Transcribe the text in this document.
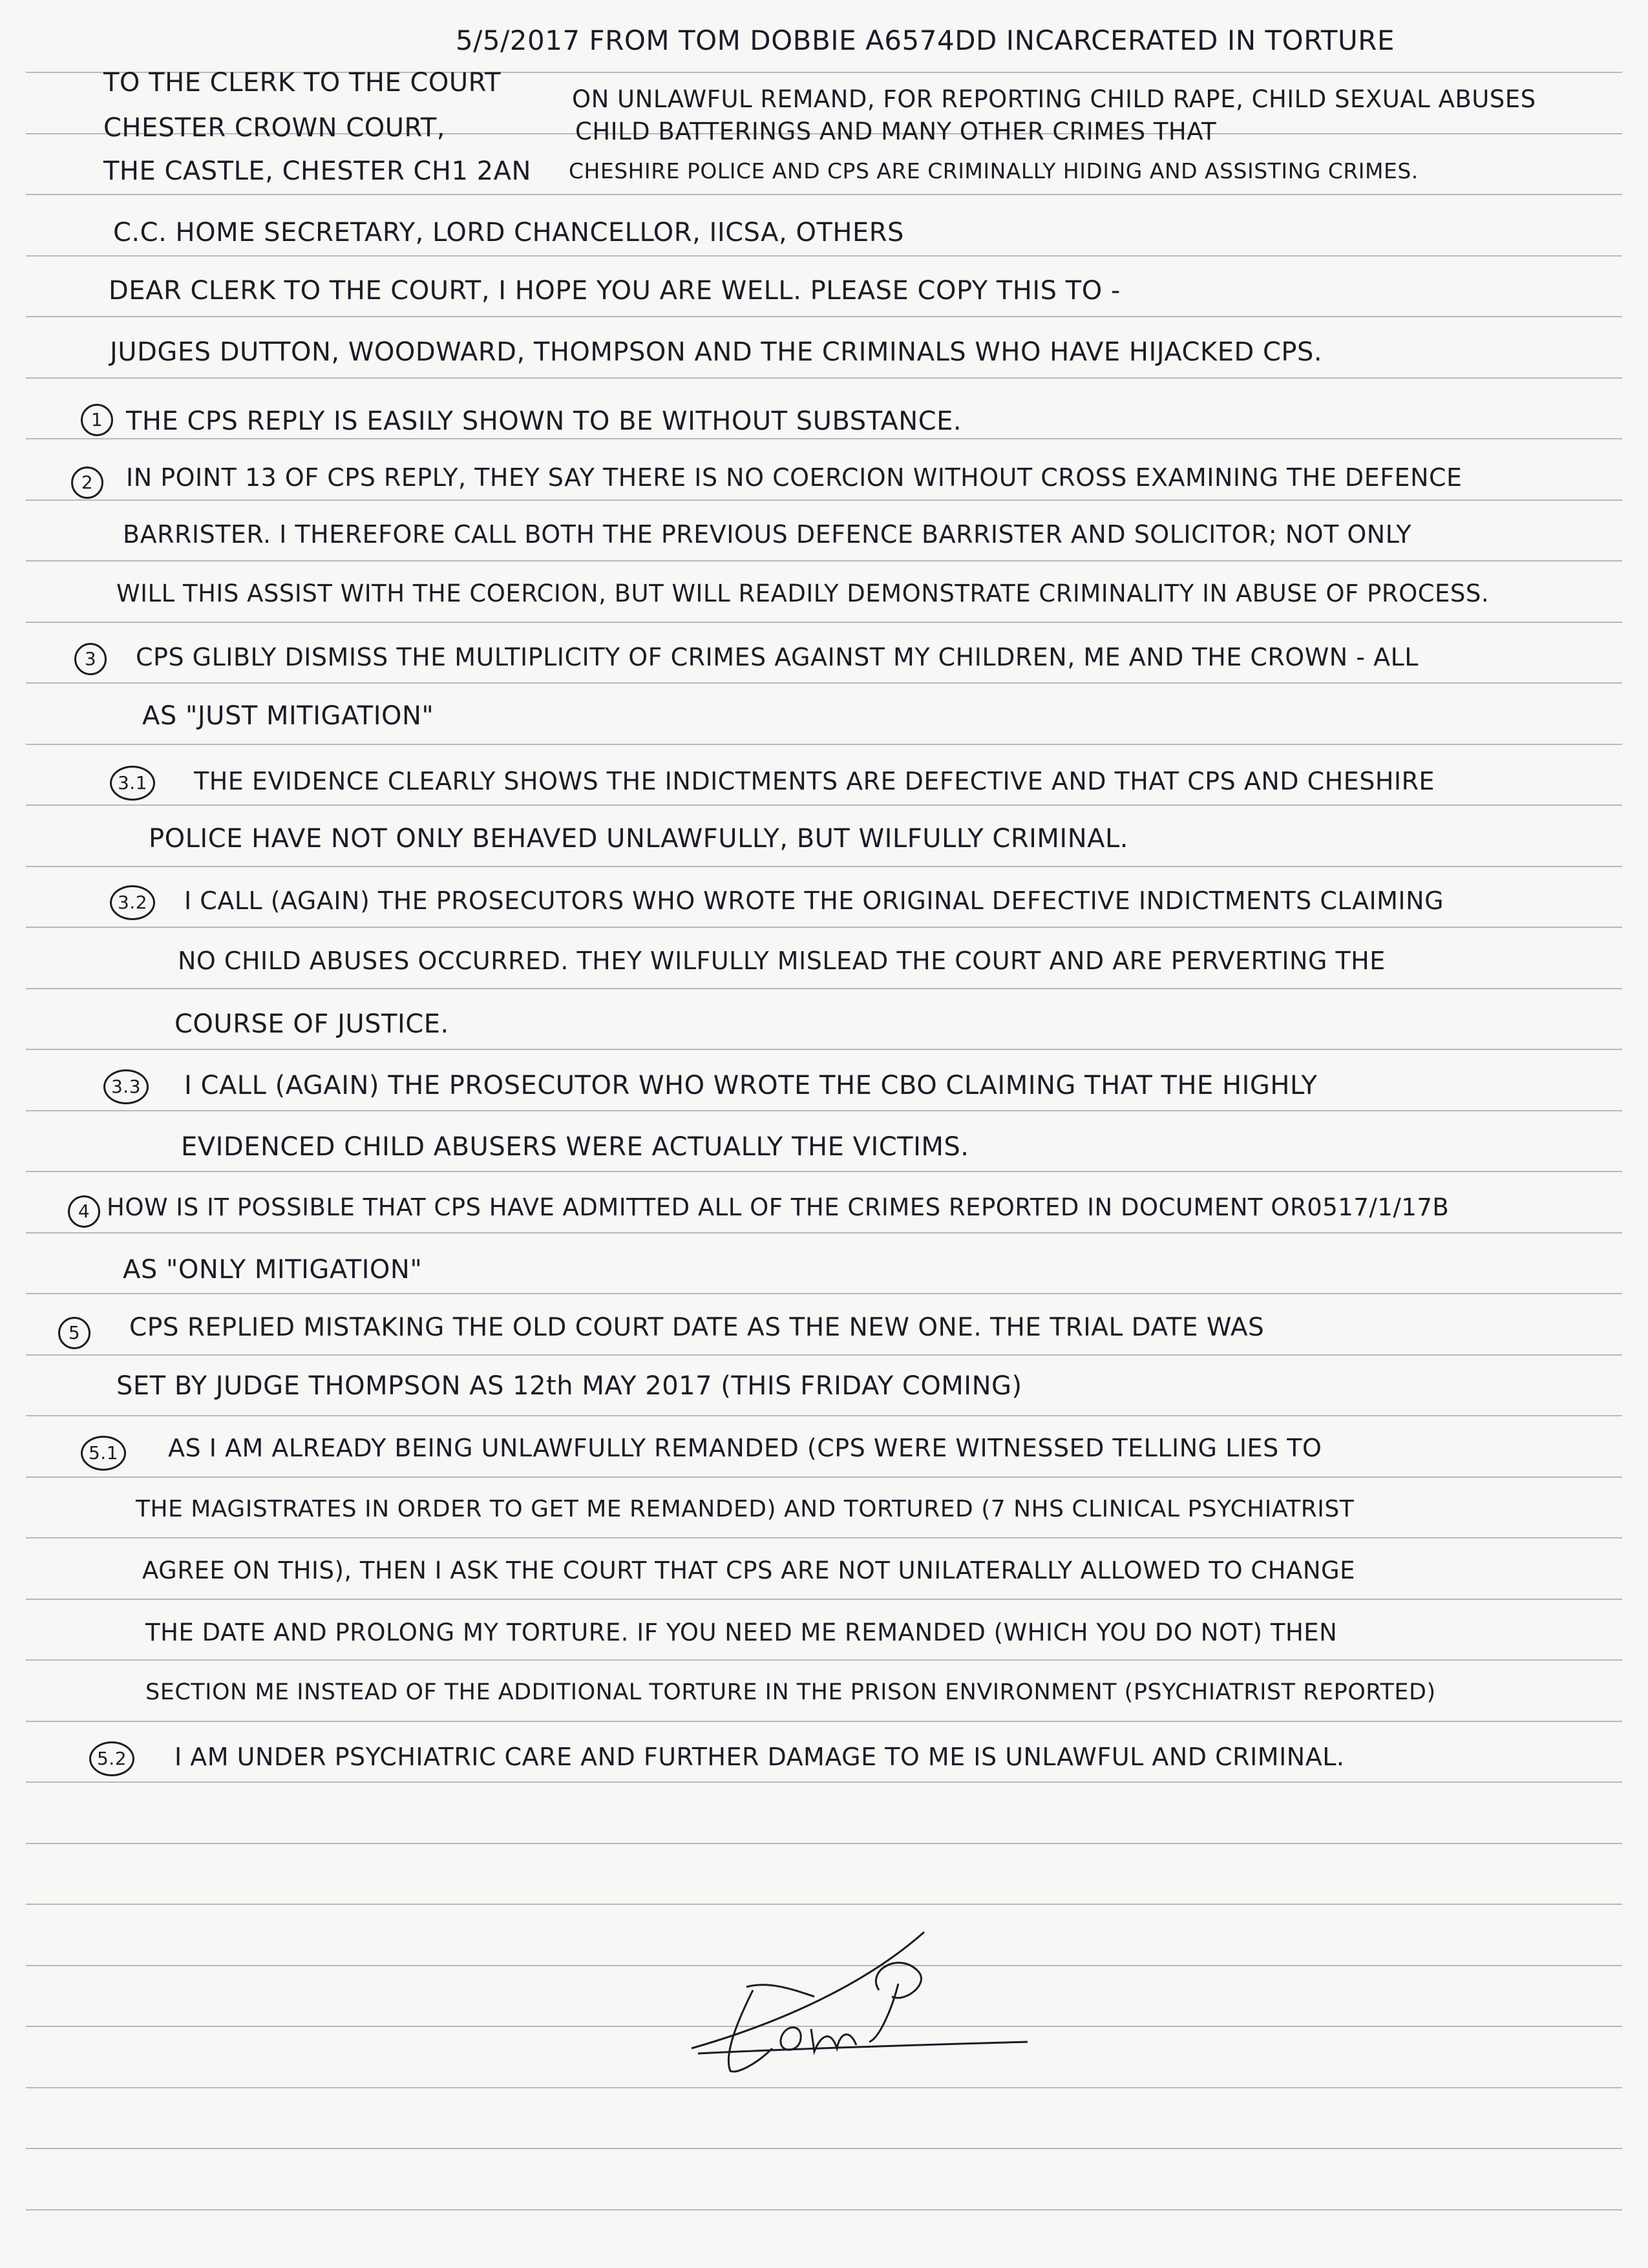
5/5/2017 FROM TOM DOBBIE A6574DD INCARCERATED IN TORTURE
TO THE CLERK TO THE COURT
CHESTER CROWN COURT,
THE CASTLE, CHESTER CH1 2AN
ON UNLAWFUL REMAND, FOR REPORTING CHILD RAPE, CHILD SEXUAL ABUSES
CHILD BATTERINGS AND MANY OTHER CRIMES THAT
CHESHIRE POLICE AND CPS ARE CRIMINALLY HIDING AND ASSISTING CRIMES.
C.C. HOME SECRETARY, LORD CHANCELLOR, IICSA, OTHERS
DEAR CLERK TO THE COURT, I HOPE YOU ARE WELL. PLEASE COPY THIS TO -
JUDGES DUTTON, WOODWARD, THOMPSON AND THE CRIMINALS WHO HAVE HIJACKED CPS.
1 THE CPS REPLY IS EASILY SHOWN TO BE WITHOUT SUBSTANCE.
2	IN POINT 13 OF CPS REPLY, THEY SAY THERE IS NO COERCION WITHOUT CROSS EXAMINING THE DEFENCE
BARRISTER. I THEREFORE CALL BOTH THE PREVIOUS DEFENCE BARRISTER AND SOLICITOR; NOT ONLY
WILL THIS ASSIST WITH THE COERCION, BUT WILL READILY DEMONSTRATE CRIMINALITY IN ABUSE OF PROCESS.
3	CPS GLIBLY DISMISS THE MULTIPLICITY OF CRIMES AGAINST MY CHILDREN, ME AND THE CROWN - ALL
AS "JUST MITIGATION"
3.1	THE EVIDENCE CLEARLY SHOWS THE INDICTMENTS ARE DEFECTIVE AND THAT CPS AND CHESHIRE
POLICE HAVE NOT ONLY BEHAVED UNLAWFULLY, BUT WILFULLY CRIMINAL.
3.2	I CALL (AGAIN) THE PROSECUTORS WHO WROTE THE ORIGINAL DEFECTIVE INDICTMENTS CLAIMING
NO CHILD ABUSES OCCURRED. THEY WILFULLY MISLEAD THE COURT AND ARE PERVERTING THE
COURSE OF JUSTICE.
3.3 I CALL (AGAIN) THE PROSECUTOR WHO WROTE THE CBO CLAIMING THAT THE HIGHLY
EVIDENCED CHILD ABUSERS WERE ACTUALLY THE VICTIMS.
4 HOW IS IT POSSIBLE THAT CPS HAVE ADMITTED ALL OF THE CRIMES REPORTED IN DOCUMENT OR0517/1/17B
AS "ONLY MITIGATION"
5	CPS REPLIED MISTAKING THE OLD COURT DATE AS THE NEW ONE. THE TRIAL DATE WAS
SET BY JUDGE THOMPSON AS 12th MAY 2017 (THIS FRIDAY COMING)
5.1	AS I AM ALREADY BEING UNLAWFULLY REMANDED (CPS WERE WITNESSED TELLING LIES TO
THE MAGISTRATES IN ORDER TO GET ME REMANDED) AND TORTURED (7 NHS CLINICAL PSYCHIATRIST
AGREE ON THIS), THEN I ASK THE COURT THAT CPS ARE NOT UNILATERALLY ALLOWED TO CHANGE
THE DATE AND PROLONG MY TORTURE. IF YOU NEED ME REMANDED (WHICH YOU DO NOT) THEN
SECTION ME INSTEAD OF THE ADDITIONAL TORTURE IN THE PRISON ENVIRONMENT (PSYCHIATRIST REPORTED)
5.2	I AM UNDER PSYCHIATRIC CARE AND FURTHER DAMAGE TO ME IS UNLAWFUL AND CRIMINAL.
